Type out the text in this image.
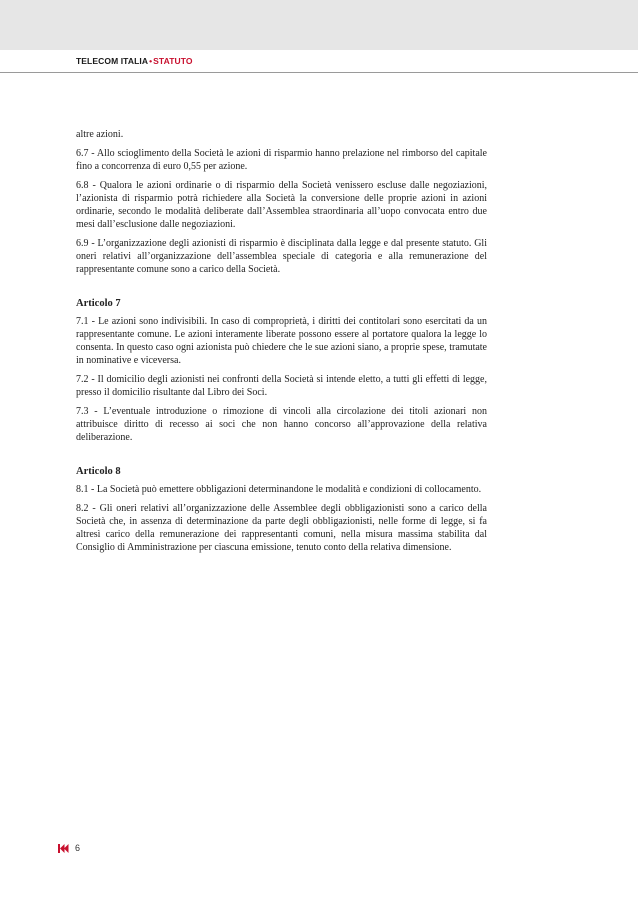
TELECOM ITALIA•STATUTO

altre azioni.

6.7 - Allo scioglimento della Società le azioni di risparmio hanno prelazione nel rimborso del capitale fino a concorrenza di euro 0,55 per azione.

6.8 - Qualora le azioni ordinarie o di risparmio della Società venissero escluse dalle negoziazioni, l’azionista di risparmio potrà richiedere alla Società la conversione delle proprie azioni in azioni ordinarie, secondo le modalità deliberate dall’Assemblea straordinaria all’uopo convocata entro due mesi dall’esclusione dalle negoziazioni.

6.9 - L’organizzazione degli azionisti di risparmio è disciplinata dalla legge e dal presente statuto. Gli oneri relativi all’organizzazione dell’assemblea speciale di categoria e alla remunerazione del rappresentante comune sono a carico della Società.

Articolo 7

7.1 - Le azioni sono indivisibili. In caso di comproprietà, i diritti dei contitolari sono esercitati da un rappresentante comune. Le azioni interamente liberate possono essere al portatore qualora la legge lo consenta. In questo caso ogni azionista può chiedere che le sue azioni siano, a proprie spese, tramutate in nominative e viceversa.

7.2 - Il domicilio degli azionisti nei confronti della Società si intende eletto, a tutti gli effetti di legge, presso il domicilio risultante dal Libro dei Soci.

7.3 - L’eventuale introduzione o rimozione di vincoli alla circolazione dei titoli azionari non attribuisce diritto di recesso ai soci che non hanno concorso all’approvazione della relativa deliberazione.

Articolo 8

8.1 - La Società può emettere obbligazioni determinandone le modalità e condizioni di collocamento.

8.2 - Gli oneri relativi all’organizzazione delle Assemblee degli obbligazionisti sono a carico della Società che, in assenza di determinazione da parte degli obbligazionisti, nelle forme di legge, si fa altresì carico della remunerazione dei rappresentanti comuni, nella misura massima stabilita dal Consiglio di Amministrazione per ciascuna emissione, tenuto conto della relativa dimensione.

6
